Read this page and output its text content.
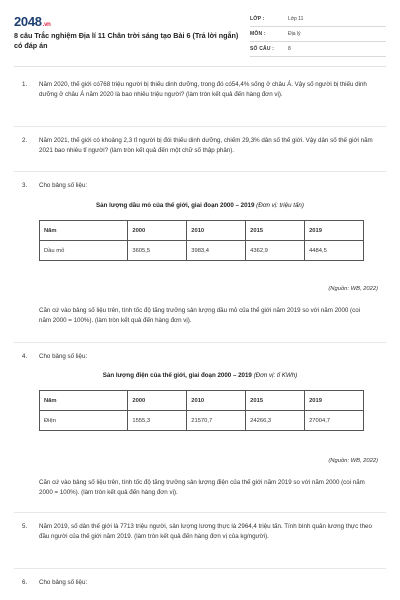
2048.vn
8 câu Trắc nghiệm Địa lí 11 Chân trời sáng tạo Bài 6 (Trả lời ngắn) có đáp án
LỚP :	Lớp 11
MÔN :	Địa lý
SỐ CÂU :	8
1. Năm 2020, thế giới có768 triệu người bị thiếu dinh dưỡng, trong đó có54,4% sống ở châu Á. Vậy số người bị thiếu dinh dưỡng ở châu Á năm 2020 là bao nhiêu triệu người? (làm tròn kết quả đến hàng đơn vị).
2. Năm 2021, thế giới có khoảng 2,3 tỉ người bị đói thiếu dinh dưỡng, chiếm 29,3% dân số thế giới. Vậy dân số thế giới năm 2021 bao nhiêu tỉ người? (làm tròn kết quả đến một chữ số thập phân).
3. Cho bảng số liệu:
Sản lượng dầu mỏ của thế giới, giai đoạn 2000 – 2019 (Đơn vị: triệu tấn)
Năm	2000	2010	2015	2019
Dầu mỏ	3605,5	3983,4	4362,9	4484,5
(Nguồn: WB, 2022)
Căn cứ vào bảng số liệu trên, tính tốc độ tăng trưởng sản lượng dầu mỏ của thế giới năm 2019 so với năm 2000 (coi năm 2000 = 100%). (làm tròn kết quả đến hàng đơn vị).
4. Cho bảng số liệu:
Sản lượng điện của thế giới, giai đoạn 2000 – 2019 (Đơn vị: tỉ KWh)
Năm	2000	2010	2015	2019
Điện	1555,3	21570,7	24266,3	27004,7
(Nguồn: WB, 2022)
Căn cứ vào bảng số liệu trên, tính tốc độ tăng trưởng sản lượng điện của thế giới năm 2019 so với năm 2000 (coi năm 2000 = 100%). (làm tròn kết quả đến hàng đơn vị).
5. Năm 2019, số dân thế giới là 7713 triệu người, sản lượng lương thực là 2964,4 triệu tấn. Tính bình quân lương thực theo đầu người của thế giới năm 2019. (làm tròn kết quả đến hàng đơn vị của kg/người).
6. Cho bảng số liệu:
